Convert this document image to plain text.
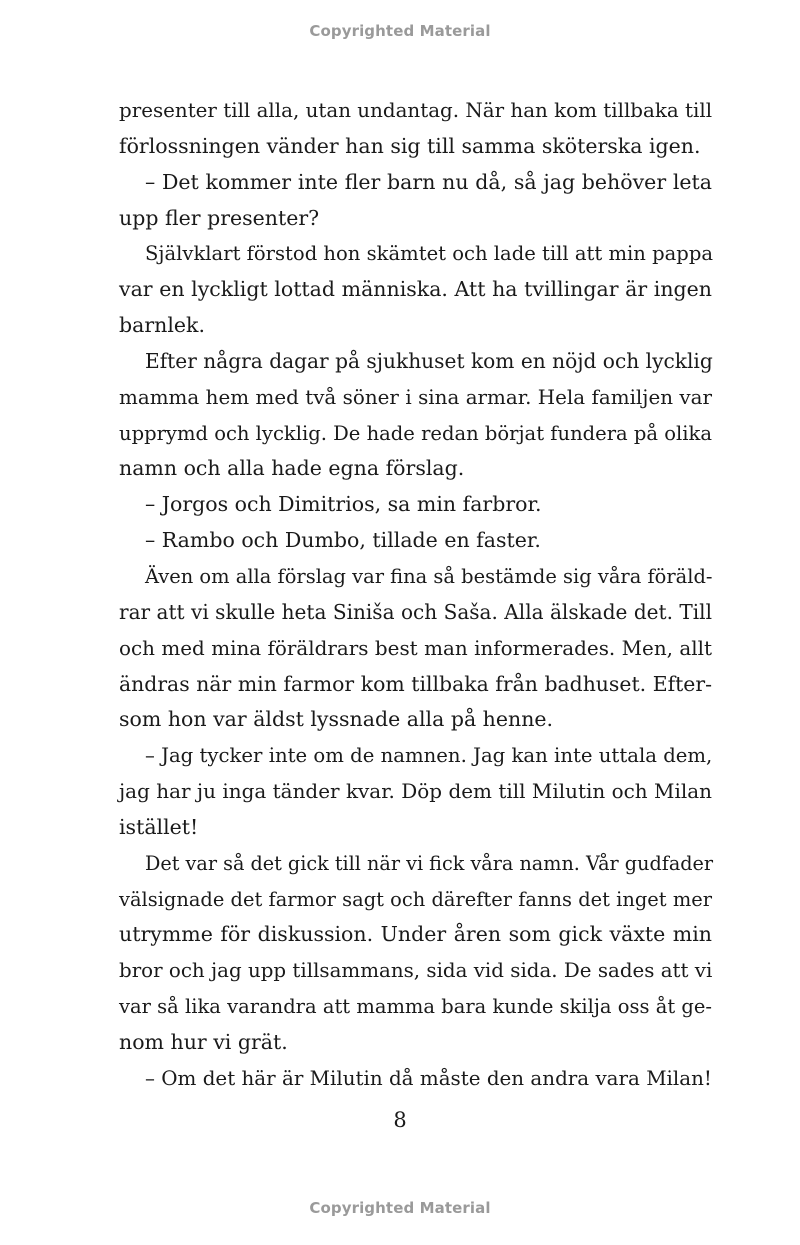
Copyrighted Material
presenter till alla, utan undantag. När han kom tillbaka till
förlossningen vänder han sig till samma sköterska igen.
– Det kommer inte fler barn nu då, så jag behöver leta
upp fler presenter?
Självklart förstod hon skämtet och lade till att min pappa
var en lyckligt lottad människa. Att ha tvillingar är ingen
barnlek.
Efter några dagar på sjukhuset kom en nöjd och lycklig
mamma hem med två söner i sina armar. Hela familjen var
upprymd och lycklig. De hade redan börjat fundera på olika
namn och alla hade egna förslag.
– Jorgos och Dimitrios, sa min farbror.
– Rambo och Dumbo, tillade en faster.
Även om alla förslag var fina så bestämde sig våra föräld-
rar att vi skulle heta Siniša och Saša. Alla älskade det. Till
och med mina föräldrars best man informerades. Men, allt
ändras när min farmor kom tillbaka från badhuset. Efter-
som hon var äldst lyssnade alla på henne.
– Jag tycker inte om de namnen. Jag kan inte uttala dem,
jag har ju inga tänder kvar. Döp dem till Milutin och Milan
istället!
Det var så det gick till när vi fick våra namn. Vår gudfader
välsignade det farmor sagt och därefter fanns det inget mer
utrymme för diskussion. Under åren som gick växte min
bror och jag upp tillsammans, sida vid sida. De sades att vi
var så lika varandra att mamma bara kunde skilja oss åt ge-
nom hur vi grät.
– Om det här är Milutin då måste den andra vara Milan!
8
Copyrighted Material
